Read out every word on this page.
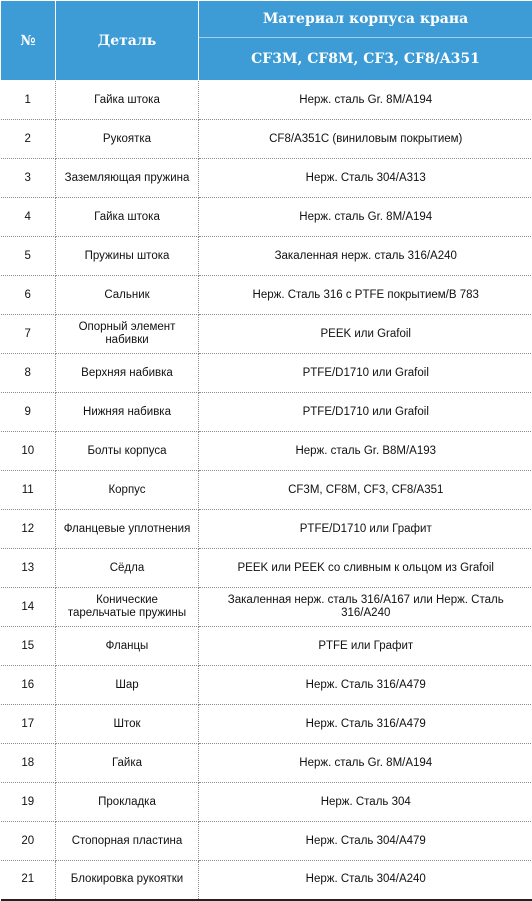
№	Деталь	Материал корпуса крана
		CF3M, CF8M, CF3, CF8/A351
1	Гайка штока	Нерж. сталь Gr. 8M/A194
2	Рукоятка	CF8/A351C (виниловым покрытием)
3	Заземляющая пружина	Нерж. Сталь 304/A313
4	Гайка штока	Нерж. сталь Gr. 8M/A194
5	Пружины штока	Закаленная нерж. сталь 316/A240
6	Сальник	Нерж. Сталь 316 с PTFE покрытием/B 783
7	Опорный элемент набивки	PEEK или Grafoil
8	Верхняя набивка	PTFE/D1710 или Grafoil
9	Нижняя набивка	PTFE/D1710 или Grafoil
10	Болты корпуса	Нерж. сталь Gr. B8M/A193
11	Корпус	CF3M, CF8M, CF3, CF8/A351
12	Фланцевые уплотнения	PTFE/D1710 или Графит
13	Сёдла	PEEK или PEEK со сливным к ольцом из Grafoil
14	Конические тарельчатые пружины	Закаленная нерж. сталь 316/A167 или Нерж. Сталь 316/A240
15	Фланцы	PTFE или Графит
16	Шар	Нерж. Сталь 316/A479
17	Шток	Нерж. Сталь 316/A479
18	Гайка	Нерж. сталь Gr. 8M/A194
19	Прокладка	Нерж. Сталь 304
20	Стопорная пластина	Нерж. Сталь 304/A479
21	Блокировка рукоятки	Нерж. Сталь 304/A240
